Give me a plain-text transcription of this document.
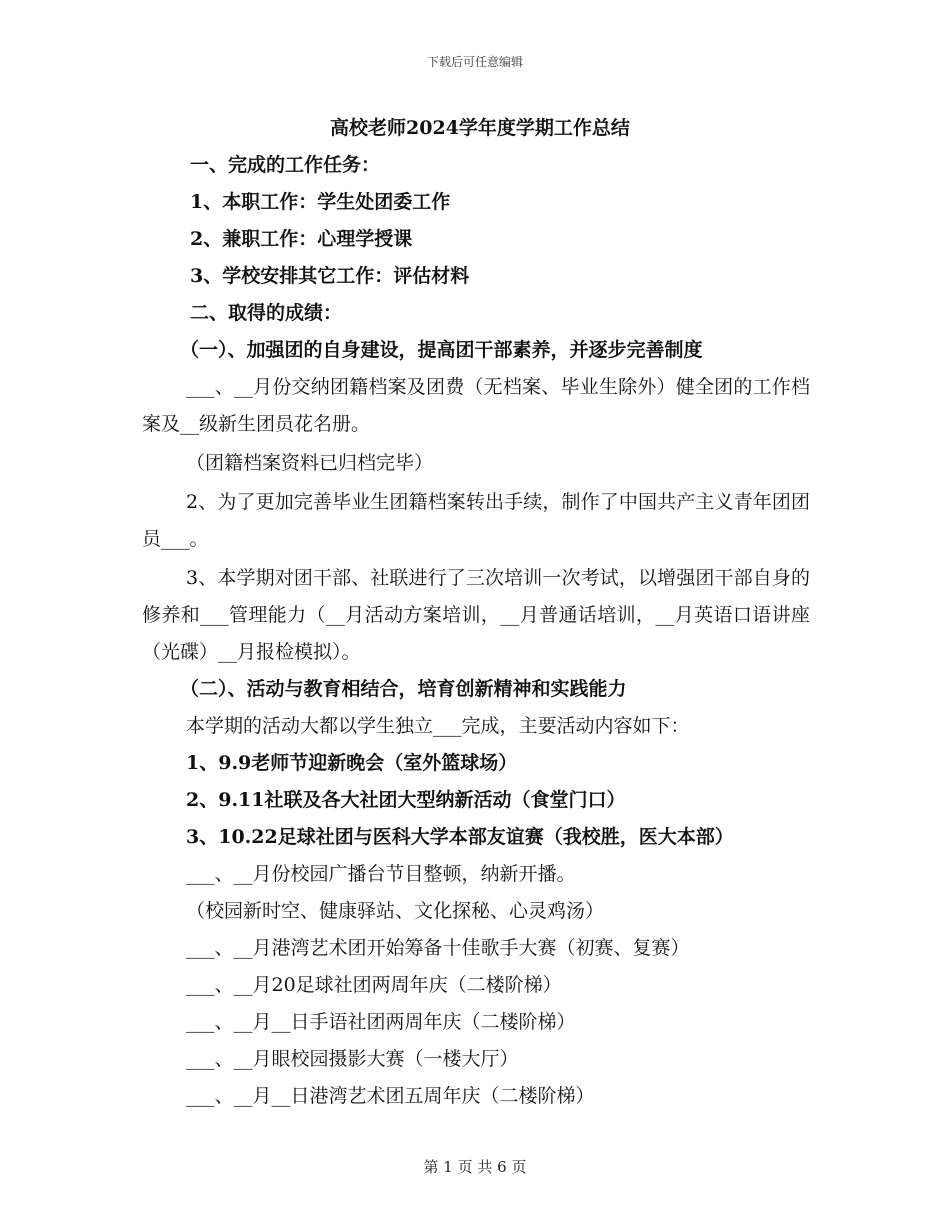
下载后可任意编辑

高校老师2024学年度学期工作总结

一、完成的工作任务：

1、本职工作：学生处团委工作

2、兼职工作：心理学授课

3、学校安排其它工作：评估材料

二、取得的成绩：

（一）、加强团的自身建设，提高团干部素养，并逐步完善制度

___、__月份交纳团籍档案及团费（无档案、毕业生除外）健全团的工作档案及__级新生团员花名册。

（团籍档案资料已归档完毕）

2、为了更加完善毕业生团籍档案转出手续，制作了中国共产主义青年团团员___。

3、本学期对团干部、社联进行了三次培训一次考试，以增强团干部自身的修养和___管理能力（__月活动方案培训，__月普通话培训，__月英语口语讲座（光碟）__月报检模拟）。

（二）、活动与教育相结合，培育创新精神和实践能力

本学期的活动大都以学生独立___完成，主要活动内容如下：

1、9.9老师节迎新晚会（室外篮球场）

2、9.11社联及各大社团大型纳新活动（食堂门口）

3、10.22足球社团与医科大学本部友谊赛（我校胜，医大本部）

___、__月份校园广播台节目整顿，纳新开播。

（校园新时空、健康驿站、文化探秘、心灵鸡汤）

___、__月港湾艺术团开始筹备十佳歌手大赛（初赛、复赛）

___、__月20足球社团两周年庆（二楼阶梯）

___、__月__日手语社团两周年庆（二楼阶梯）

___、__月眼校园摄影大赛（一楼大厅）

___、__月__日港湾艺术团五周年庆（二楼阶梯）

第 1 页 共 6 页
